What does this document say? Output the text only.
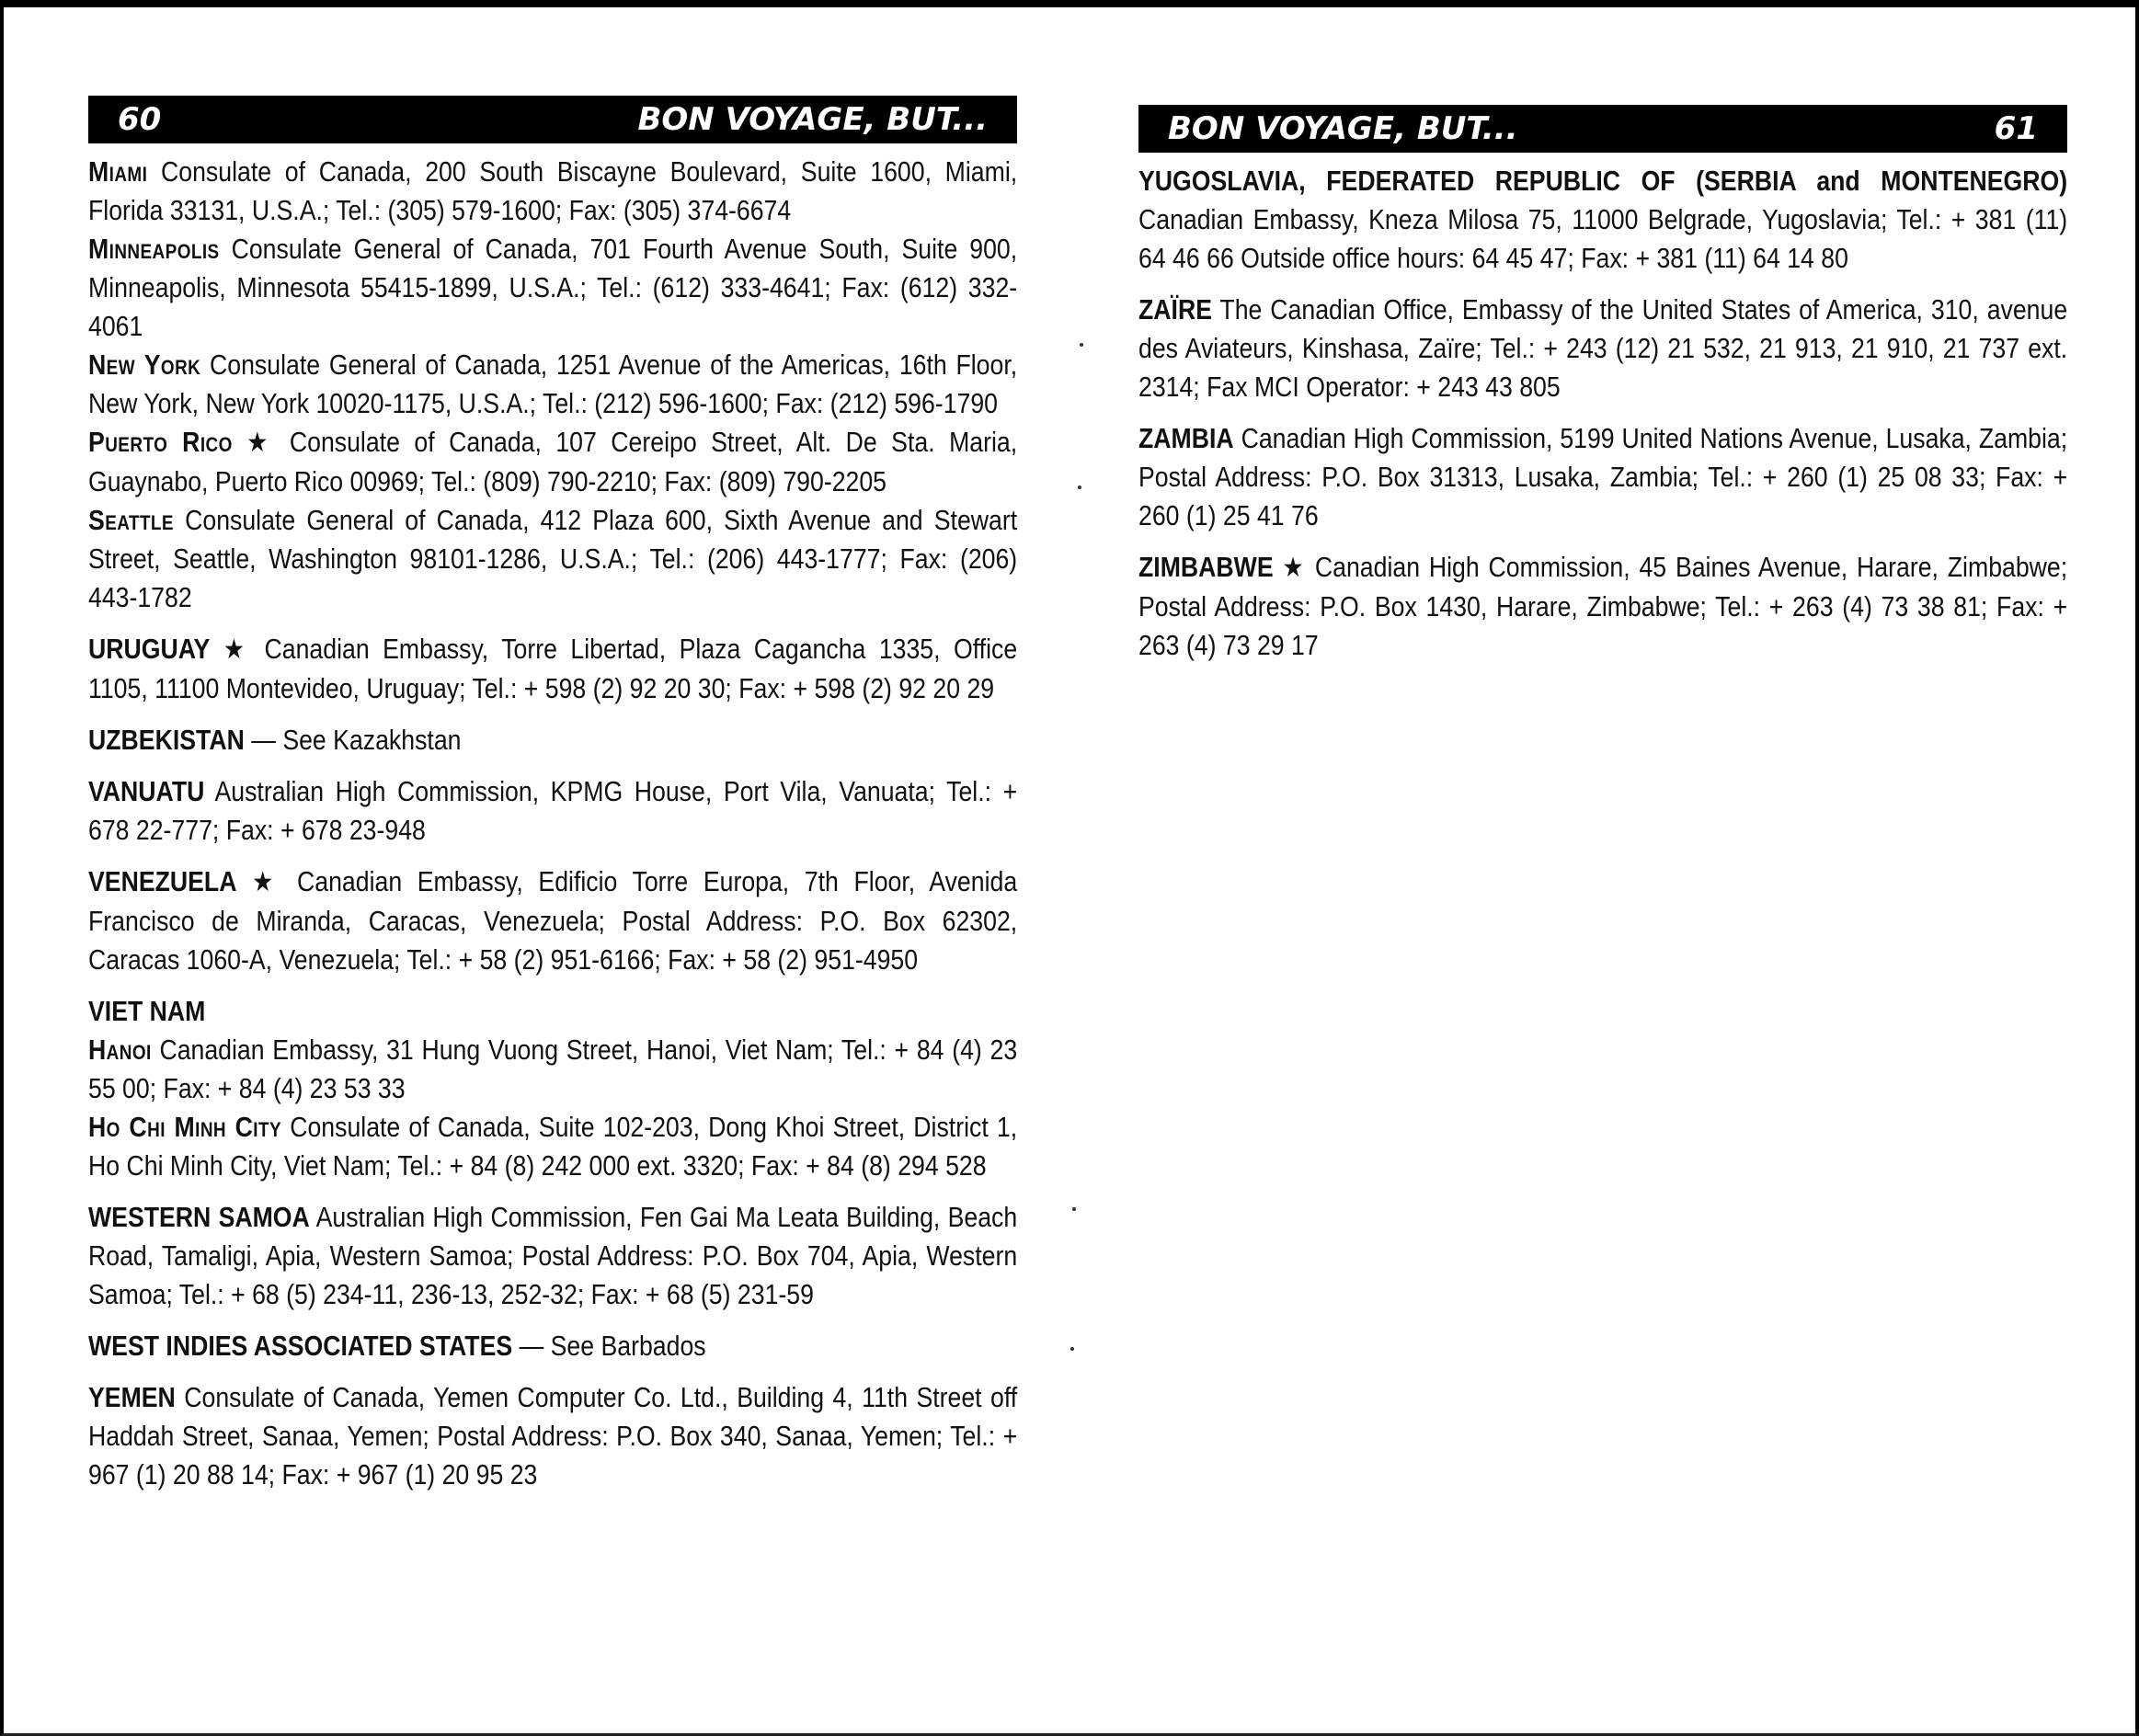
60	BON VOYAGE, BUT...
Miami Consulate of Canada, 200 South Biscayne Boulevard, Suite 1600, Miami, Florida 33131, U.S.A.; Tel.: (305) 579-1600; Fax: (305) 374-6674
Minneapolis Consulate General of Canada, 701 Fourth Avenue South, Suite 900, Minneapolis, Minnesota 55415-1899, U.S.A.; Tel.: (612) 333-4641; Fax: (612) 332-4061
New York Consulate General of Canada, 1251 Avenue of the Americas, 16th Floor, New York, New York 10020-1175, U.S.A.; Tel.: (212) 596-1600; Fax: (212) 596-1790
Puerto Rico ★ Consulate of Canada, 107 Cereipo Street, Alt. De Sta. Maria, Guaynabo, Puerto Rico 00969; Tel.: (809) 790-2210; Fax: (809) 790-2205
Seattle Consulate General of Canada, 412 Plaza 600, Sixth Avenue and Stewart Street, Seattle, Washington 98101-1286, U.S.A.; Tel.: (206) 443-1777; Fax: (206) 443-1782
URUGUAY ★ Canadian Embassy, Torre Libertad, Plaza Cagancha 1335, Office 1105, 11100 Montevideo, Uruguay; Tel.: + 598 (2) 92 20 30; Fax: + 598 (2) 92 20 29
UZBEKISTAN — See Kazakhstan
VANUATU Australian High Commission, KPMG House, Port Vila, Vanuata; Tel.: + 678 22-777; Fax: + 678 23-948
VENEZUELA ★ Canadian Embassy, Edificio Torre Europa, 7th Floor, Avenida Francisco de Miranda, Caracas, Venezuela; Postal Address: P.O. Box 62302, Caracas 1060-A, Venezuela; Tel.: + 58 (2) 951-6166; Fax: + 58 (2) 951-4950
VIET NAM
Hanoi Canadian Embassy, 31 Hung Vuong Street, Hanoi, Viet Nam; Tel.: + 84 (4) 23 55 00; Fax: + 84 (4) 23 53 33
Ho Chi Minh City Consulate of Canada, Suite 102-203, Dong Khoi Street, District 1, Ho Chi Minh City, Viet Nam; Tel.: + 84 (8) 242 000 ext. 3320; Fax: + 84 (8) 294 528
WESTERN SAMOA Australian High Commission, Fen Gai Ma Leata Building, Beach Road, Tamaligi, Apia, Western Samoa; Postal Address: P.O. Box 704, Apia, Western Samoa; Tel.: + 68 (5) 234-11, 236-13, 252-32; Fax: + 68 (5) 231-59
WEST INDIES ASSOCIATED STATES — See Barbados
YEMEN Consulate of Canada, Yemen Computer Co. Ltd., Building 4, 11th Street off Haddah Street, Sanaa, Yemen; Postal Address: P.O. Box 340, Sanaa, Yemen; Tel.: + 967 (1) 20 88 14; Fax: + 967 (1) 20 95 23
BON VOYAGE, BUT...	61
YUGOSLAVIA, FEDERATED REPUBLIC OF (SERBIA and MONTENEGRO) Canadian Embassy, Kneza Milosa 75, 11000 Belgrade, Yugoslavia; Tel.: + 381 (11) 64 46 66 Outside office hours: 64 45 47; Fax: + 381 (11) 64 14 80
ZAÏRE The Canadian Office, Embassy of the United States of America, 310, avenue des Aviateurs, Kinshasa, Zaïre; Tel.: + 243 (12) 21 532, 21 913, 21 910, 21 737 ext. 2314; Fax MCI Operator: + 243 43 805
ZAMBIA Canadian High Commission, 5199 United Nations Avenue, Lusaka, Zambia; Postal Address: P.O. Box 31313, Lusaka, Zambia; Tel.: + 260 (1) 25 08 33; Fax: + 260 (1) 25 41 76
ZIMBABWE ★ Canadian High Commission, 45 Baines Avenue, Harare, Zimbabwe; Postal Address: P.O. Box 1430, Harare, Zimbabwe; Tel.: + 263 (4) 73 38 81; Fax: + 263 (4) 73 29 17
